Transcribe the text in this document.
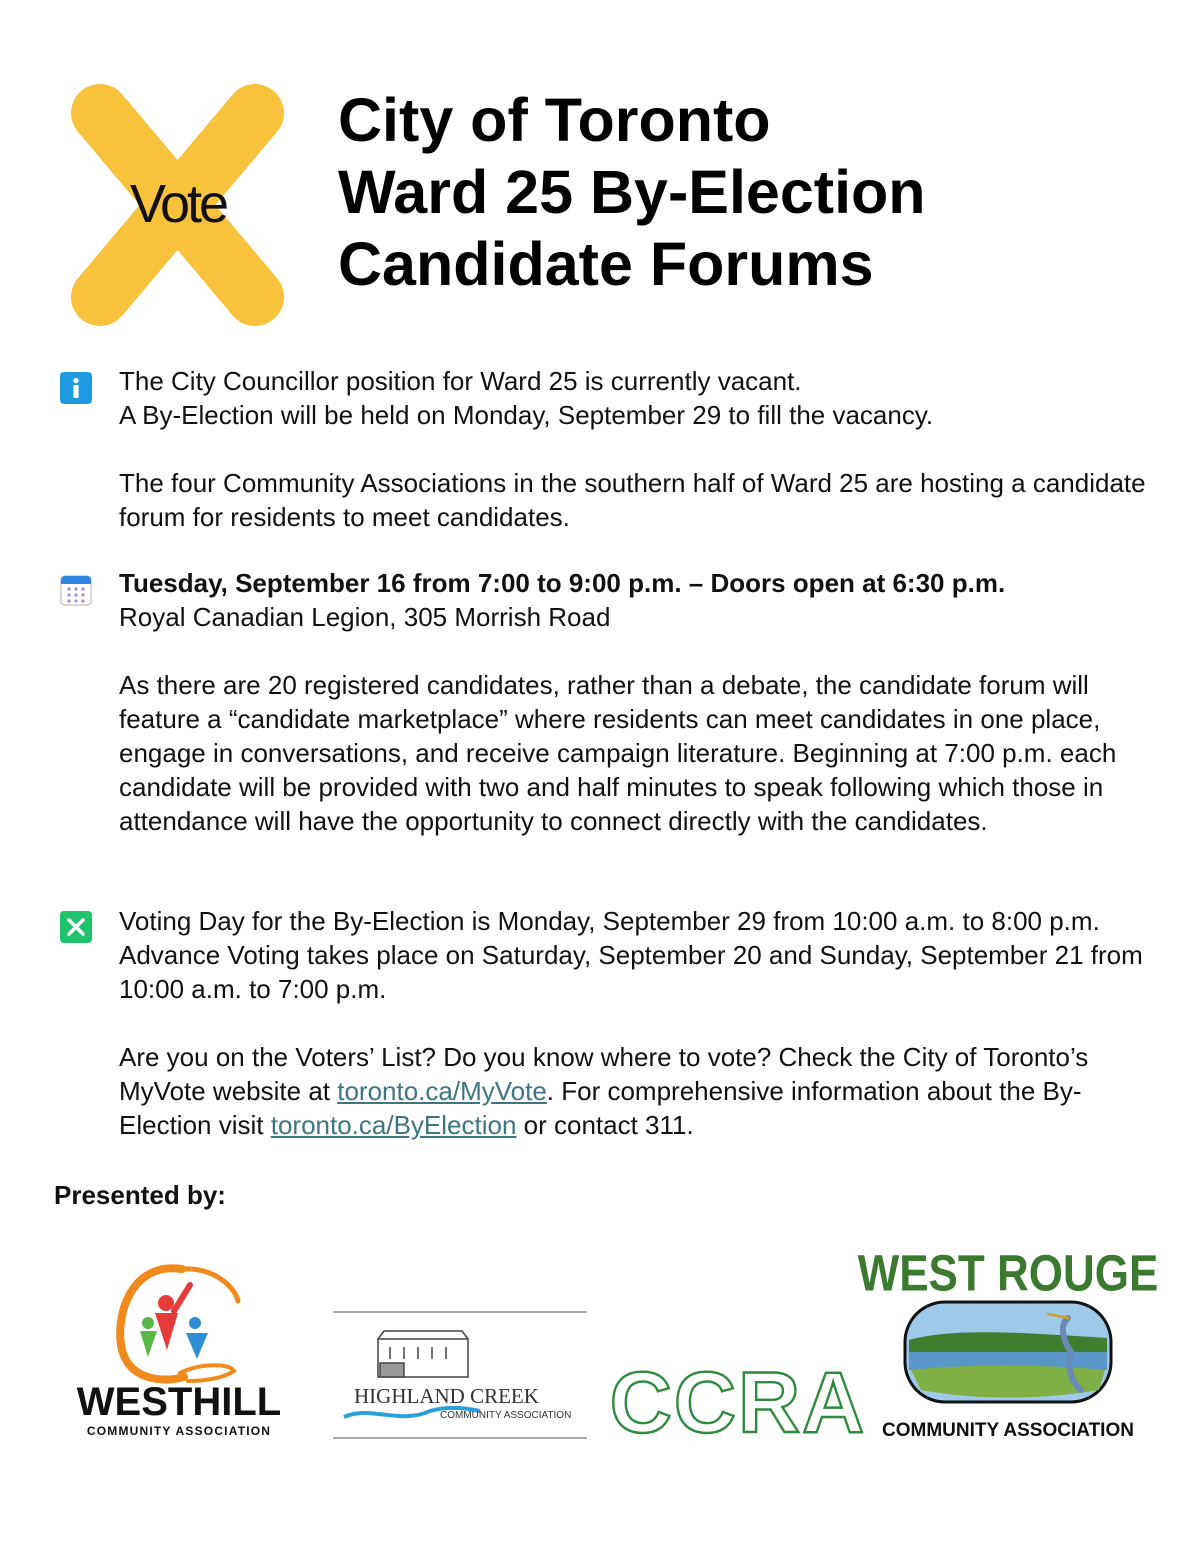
Vote
City of Toronto
Ward 25 By-Election
Candidate Forums

The City Councillor position for Ward 25 is currently vacant.
A By-Election will be held on Monday, September 29 to fill the vacancy.

The four Community Associations in the southern half of Ward 25 are hosting a candidate forum for residents to meet candidates.

Tuesday, September 16 from 7:00 to 9:00 p.m. – Doors open at 6:30 p.m.
Royal Canadian Legion, 305 Morrish Road

As there are 20 registered candidates, rather than a debate, the candidate forum will feature a “candidate marketplace” where residents can meet candidates in one place, engage in conversations, and receive campaign literature. Beginning at 7:00 p.m. each candidate will be provided with two and half minutes to speak following which those in attendance will have the opportunity to connect directly with the candidates.

Voting Day for the By-Election is Monday, September 29 from 10:00 a.m. to 8:00 p.m. Advance Voting takes place on Saturday, September 20 and Sunday, September 21 from 10:00 a.m. to 7:00 p.m.

Are you on the Voters’ List? Do you know where to vote? Check the City of Toronto’s MyVote website at toronto.ca/MyVote. For comprehensive information about the By-Election visit toronto.ca/ByElection or contact 311.

Presented by:

WESTHILL
COMMUNITY ASSOCIATION
HIGHLAND CREEK
COMMUNITY ASSOCIATION CCRA
WEST ROUGE
COMMUNITY ASSOCIATION
